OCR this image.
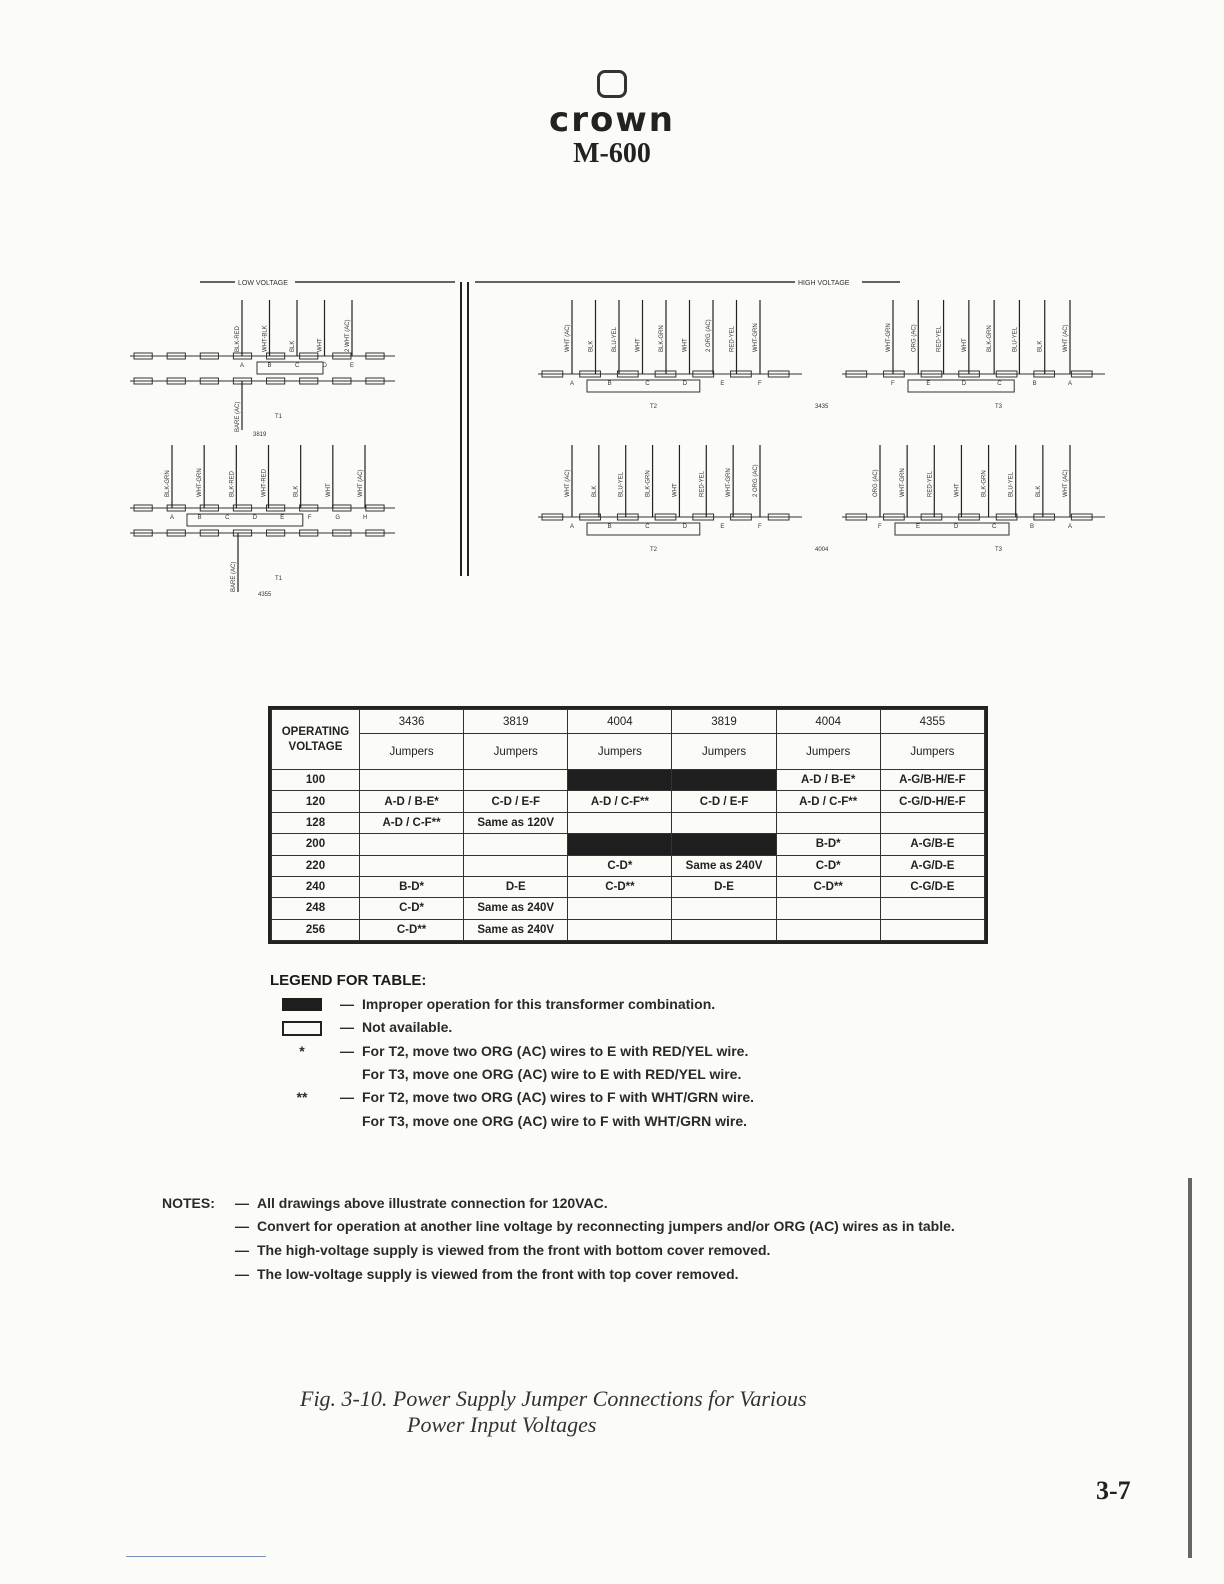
crown
M-600
LOW VOLTAGE	HIGH VOLTAGE
BLK-RED	WHT-BLK	BLK	WHT	2 WHT (AC)
A	B	C	D	E
T1
3819
BARE (AC)
BLK-GRN	WHT-GRN	BLK-RED	WHT-RED	BLK	WHT	WHT (AC)
A	B	C	D	E	F	G	H
T1
4355
BARE (AC)
WHT (AC)	BLK	BLU-YEL	WHT	BLK-GRN	WHT	2 ORG (AC)	RED-YEL	WHT-GRN
A	B	C	D	E	F
T2
WHT-GRN	ORG (AC)	RED-YEL	WHT	BLK-GRN	BLU-YEL	BLK	WHT (AC)
F	E	D	C	B	A
T3
3435
WHT (AC)	BLK	BLU-YEL	BLK-GRN	WHT	RED-YEL	WHT-GRN	2 ORG (AC)
A	B	C	D	E	F
T2
ORG (AC)	WHT-GRN	RED-YEL	WHT	BLK-GRN	BLU-YEL	BLK	WHT (AC)
F	E	D	C	B	A
T3
4004
OPERATING VOLTAGE	3436	3819	4004	3819	4004	4355
	Jumpers	Jumpers	Jumpers	Jumpers	Jumpers	Jumpers
100					A-D / B-E*	A-G/B-H/E-F
120	A-D / B-E*	C-D / E-F	A-D / C-F**	C-D / E-F	A-D / C-F**	C-G/D-H/E-F
128	A-D / C-F**	Same as 120V				
200					B-D*	A-G/B-E
220			C-D*	Same as 240V	C-D*	A-G/D-E
240	B-D*	D-E	C-D**	D-E	C-D**	C-G/D-E
248	C-D*	Same as 240V				
256	C-D**	Same as 240V				
LEGEND FOR TABLE:
— Improper operation for this transformer combination.
— Not available.
*	— For T2, move two ORG (AC) wires to E with RED/YEL wire.
For T3, move one ORG (AC) wire to E with RED/YEL wire.
**	— For T2, move two ORG (AC) wires to F with WHT/GRN wire.
For T3, move one ORG (AC) wire to F with WHT/GRN wire.
NOTES: — All drawings above illustrate connection for 120VAC.
— Convert for operation at another line voltage by reconnecting jumpers and/or ORG (AC) wires as in table.
— The high-voltage supply is viewed from the front with bottom cover removed.
— The low-voltage supply is viewed from the front with top cover removed.
Fig. 3-10. Power Supply Jumper Connections for Various
Power Input Voltages
3-7
